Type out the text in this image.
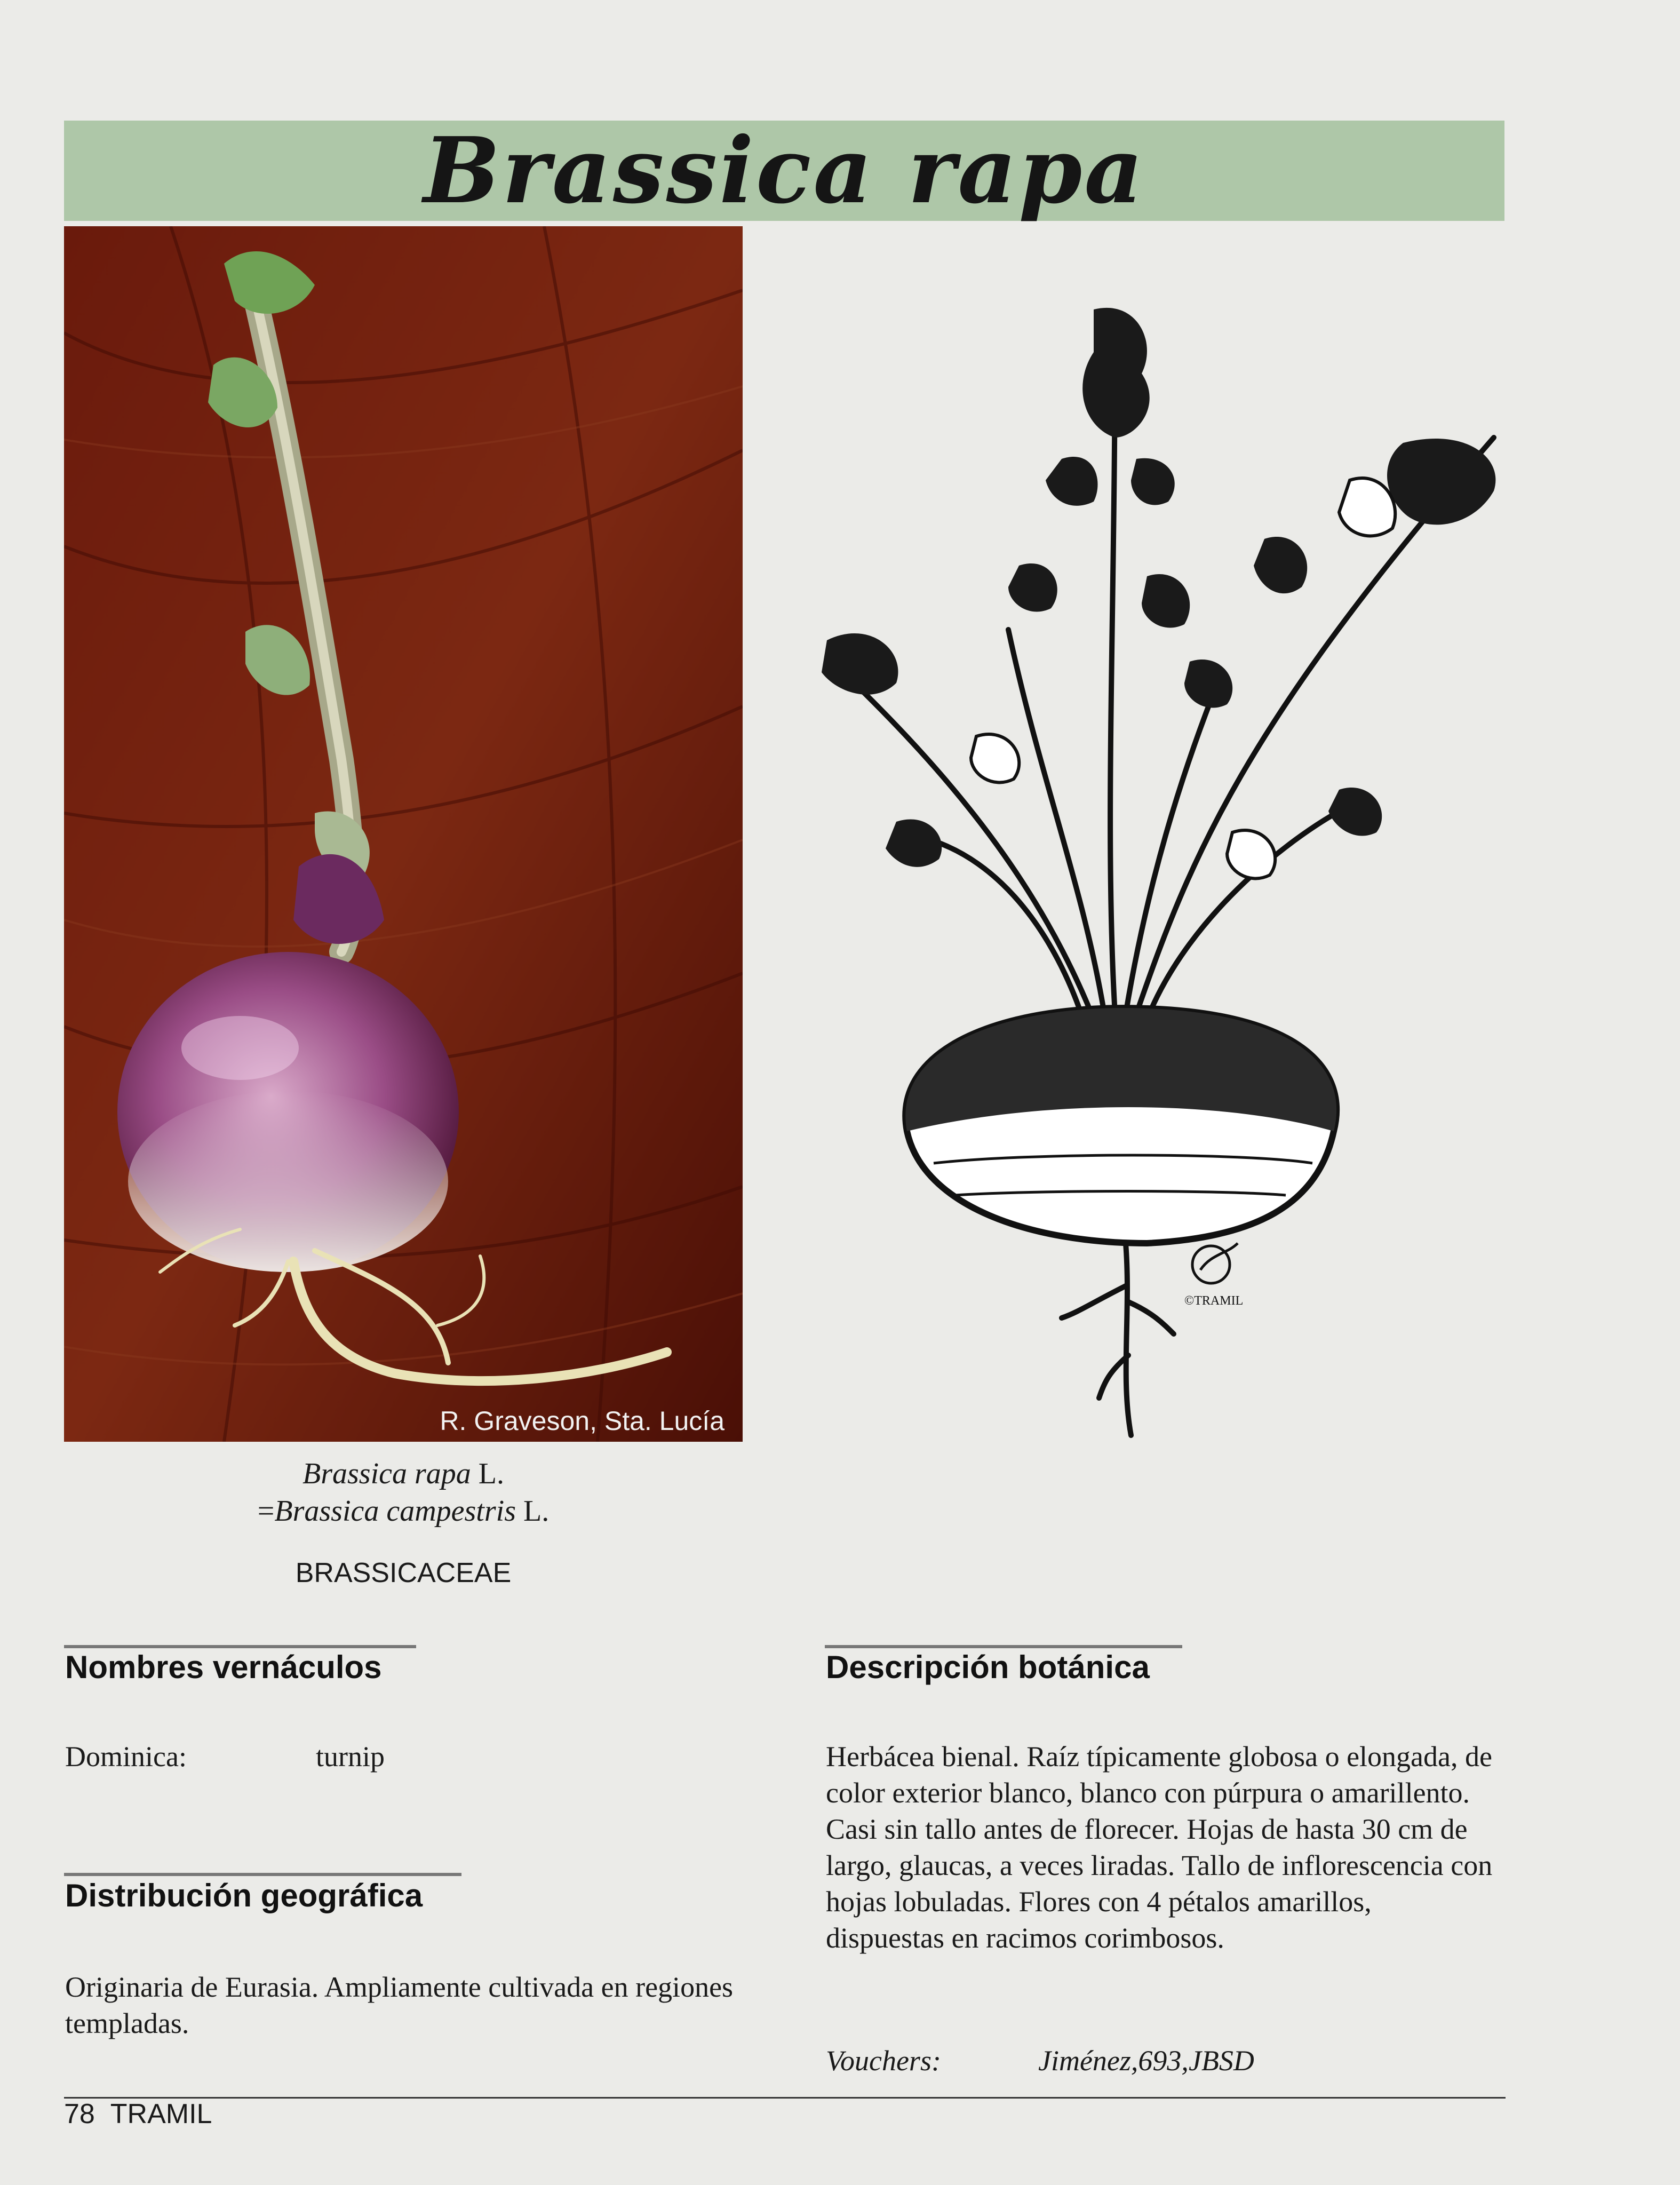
Brassica rapa
R. Graveson, Sta. Lucía
©TRAMIL
Brassica rapa L.
=Brassica campestris L.
BRASSICACEAE
Nombres vernáculos
Dominica:	turnip
Distribución geográfica
Originaria de Eurasia. Ampliamente cultivada en regiones templadas.
Descripción botánica
Herbácea bienal. Raíz típicamente globosa o elongada, de color exterior blanco, blanco con púrpura o amarillento. Casi sin tallo antes de florecer. Hojas de hasta 30 cm de largo, glaucas, a veces liradas. Tallo de inflorescencia con hojas lobuladas. Flores con 4 pétalos amarillos, dispuestas en racimos corimbosos.
Vouchers:	Jiménez,693,JBSD
78 TRAMIL
